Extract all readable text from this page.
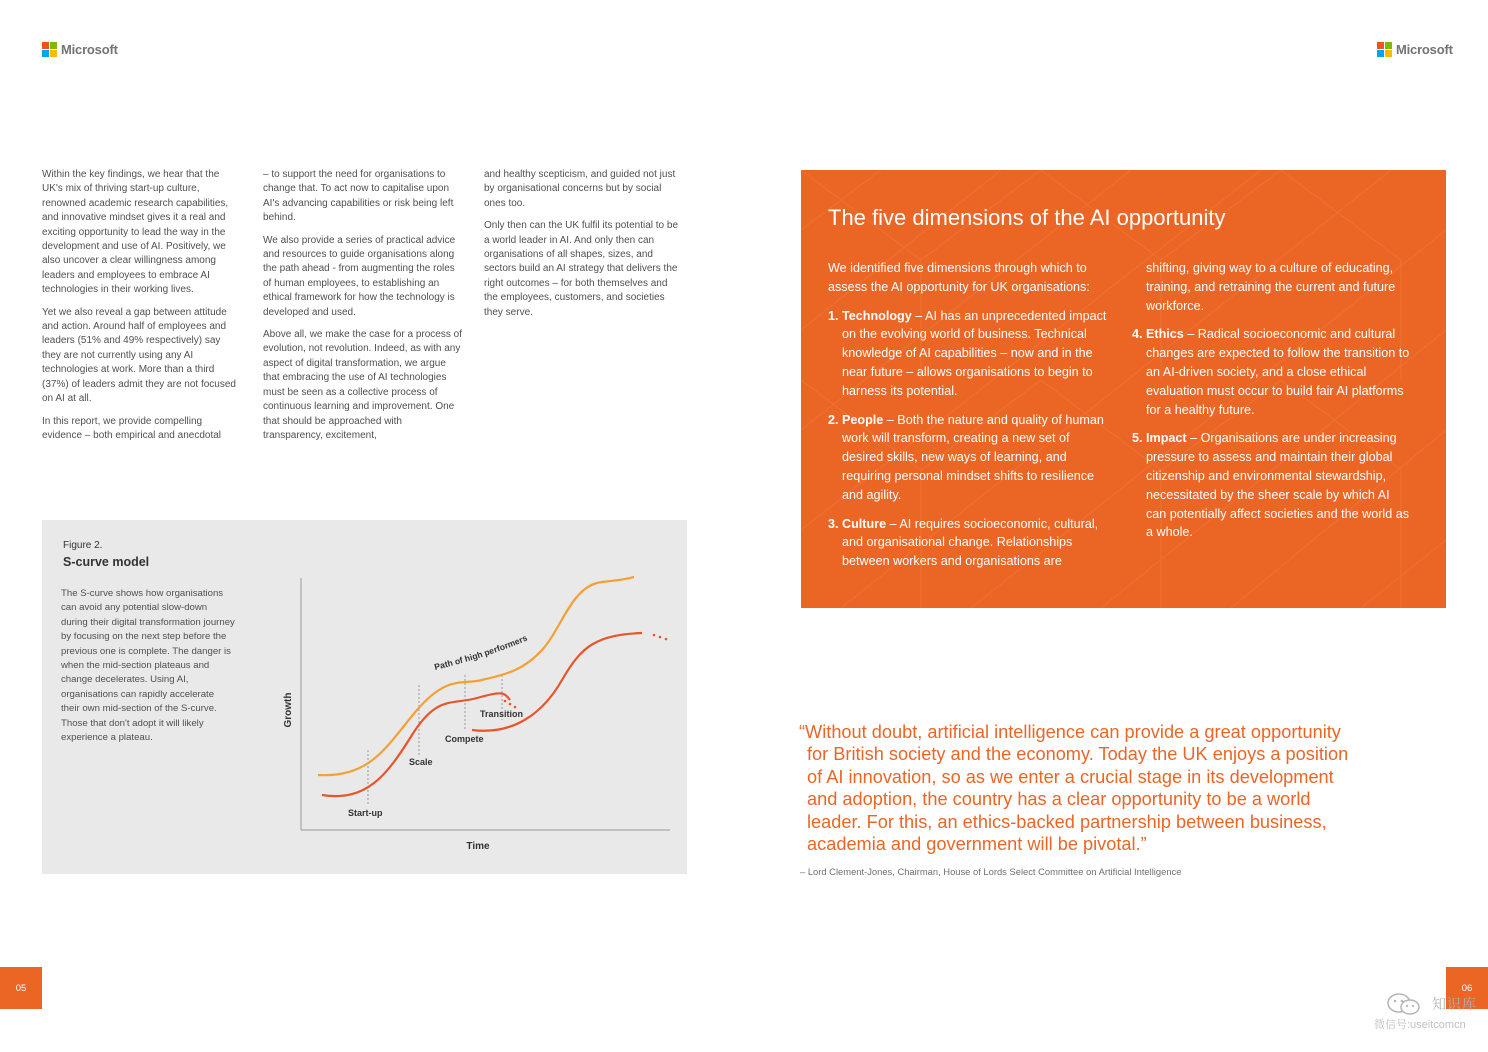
Microsoft	Microsoft

Within the key findings, we hear that the UK's mix of thriving start-up culture, renowned academic research capabilities, and innovative mindset gives it a real and exciting opportunity to lead the way in the development and use of AI. Positively, we also uncover a clear willingness among leaders and employees to embrace AI technologies in their working lives.

Yet we also reveal a gap between attitude and action. Around half of employees and leaders (51% and 49% respectively) say they are not currently using any AI technologies at work. More than a third (37%) of leaders admit they are not focused on AI at all.

In this report, we provide compelling evidence – both empirical and anecdotal

– to support the need for organisations to change that. To act now to capitalise upon AI's advancing capabilities or risk being left behind.

We also provide a series of practical advice and resources to guide organisations along the path ahead - from augmenting the roles of human employees, to establishing an ethical framework for how the technology is developed and used.

Above all, we make the case for a process of evolution, not revolution. Indeed, as with any aspect of digital transformation, we argue that embracing the use of AI technologies must be seen as a collective process of continuous learning and improvement. One that should be approached with transparency, excitement,

and healthy scepticism, and guided not just by organisational concerns but by social ones too.

Only then can the UK fulfil its potential to be a world leader in AI. And only then can organisations of all shapes, sizes, and sectors build an AI strategy that delivers the right outcomes – for both themselves and the employees, customers, and societies they serve.

Figure 2.
S-curve model
The S-curve shows how organisations can avoid any potential slow-down during their digital transformation journey by focusing on the next step before the previous one is complete. The danger is when the mid-section plateaus and change decelerates. Using AI, organisations can rapidly accelerate their own mid-section of the S-curve. Those that don't adopt it will likely experience a plateau.
Growth
Time
Path of high performers
Start-up
Scale
Compete
Transition
The five dimensions of the AI opportunity
We identified five dimensions through which to assess the AI opportunity for UK organisations:
1. Technology – AI has an unprecedented impact on the evolving world of business. Technical knowledge of AI capabilities – now and in the near future – allows organisations to begin to harness its potential.
2. People – Both the nature and quality of human work will transform, creating a new set of desired skills, new ways of learning, and requiring personal mindset shifts to resilience and agility.
3. Culture – AI requires socioeconomic, cultural, and organisational change. Relationships between workers and organisations are
shifting, giving way to a culture of educating, training, and retraining the current and future workforce.
4. Ethics – Radical socioeconomic and cultural changes are expected to follow the transition to an AI-driven society, and a close ethical evaluation must occur to build fair AI platforms for a healthy future.
5. Impact – Organisations are under increasing pressure to assess and maintain their global citizenship and environmental stewardship, necessitated by the sheer scale by which AI can potentially affect societies and the world as a whole.
“Without doubt, artificial intelligence can provide a great opportunity
for British society and the economy. Today the UK enjoys a position
of AI innovation, so as we enter a crucial stage in its development
and adoption, the country has a clear opportunity to be a world
leader. For this, an ethics-backed partnership between business,
academia and government will be pivotal.”
– Lord Clement-Jones, Chairman, House of Lords Select Committee on Artificial Intelligence
05	06
知识库
微信号:useitcomcn
